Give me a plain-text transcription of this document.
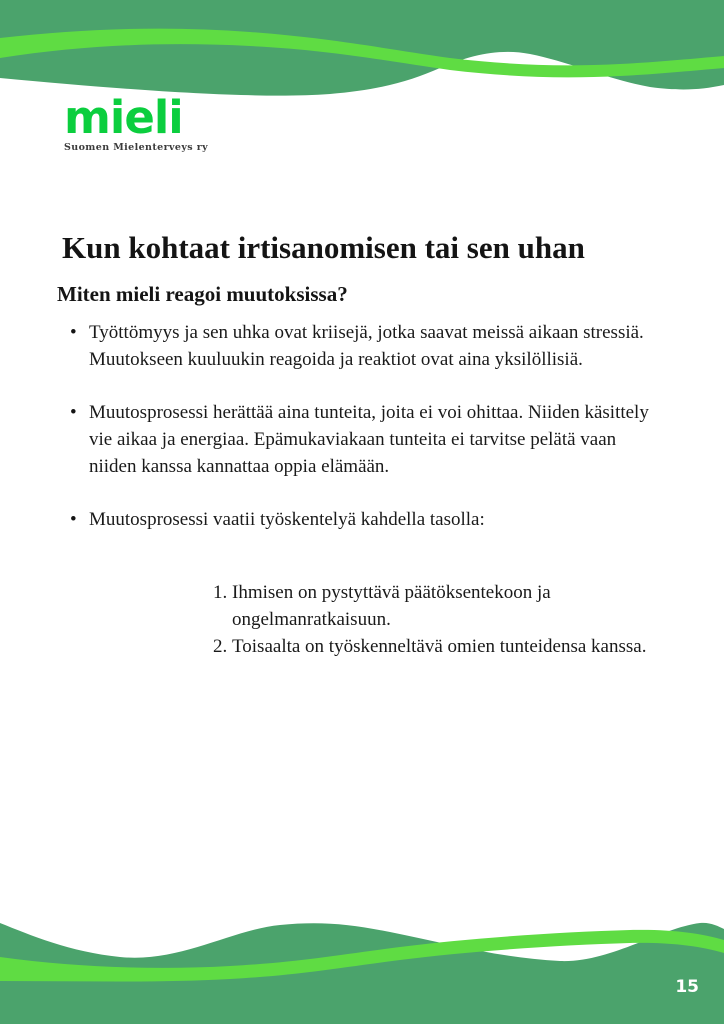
mieli
Suomen Mielenterveys ry
Kun kohtaat irtisanomisen tai sen uhan
Miten mieli reagoi muutoksissa?
• Työttömyys ja sen uhka ovat kriisejä, jotka saavat meissä aikaan stressiä. Muutokseen kuuluukin reagoida ja reaktiot ovat aina yksilöllisiä.
• Muutosprosessi herättää aina tunteita, joita ei voi ohittaa. Niiden käsittely vie aikaa ja energiaa. Epämukaviakaan tunteita ei tarvitse pelätä vaan niiden kanssa kannattaa oppia elämään.
• Muutosprosessi vaatii työskentelyä kahdella tasolla:
1. Ihmisen on pystyttävä päätöksentekoon ja ongelmanratkaisuun.
2. Toisaalta on työskenneltävä omien tunteidensa kanssa.
15
